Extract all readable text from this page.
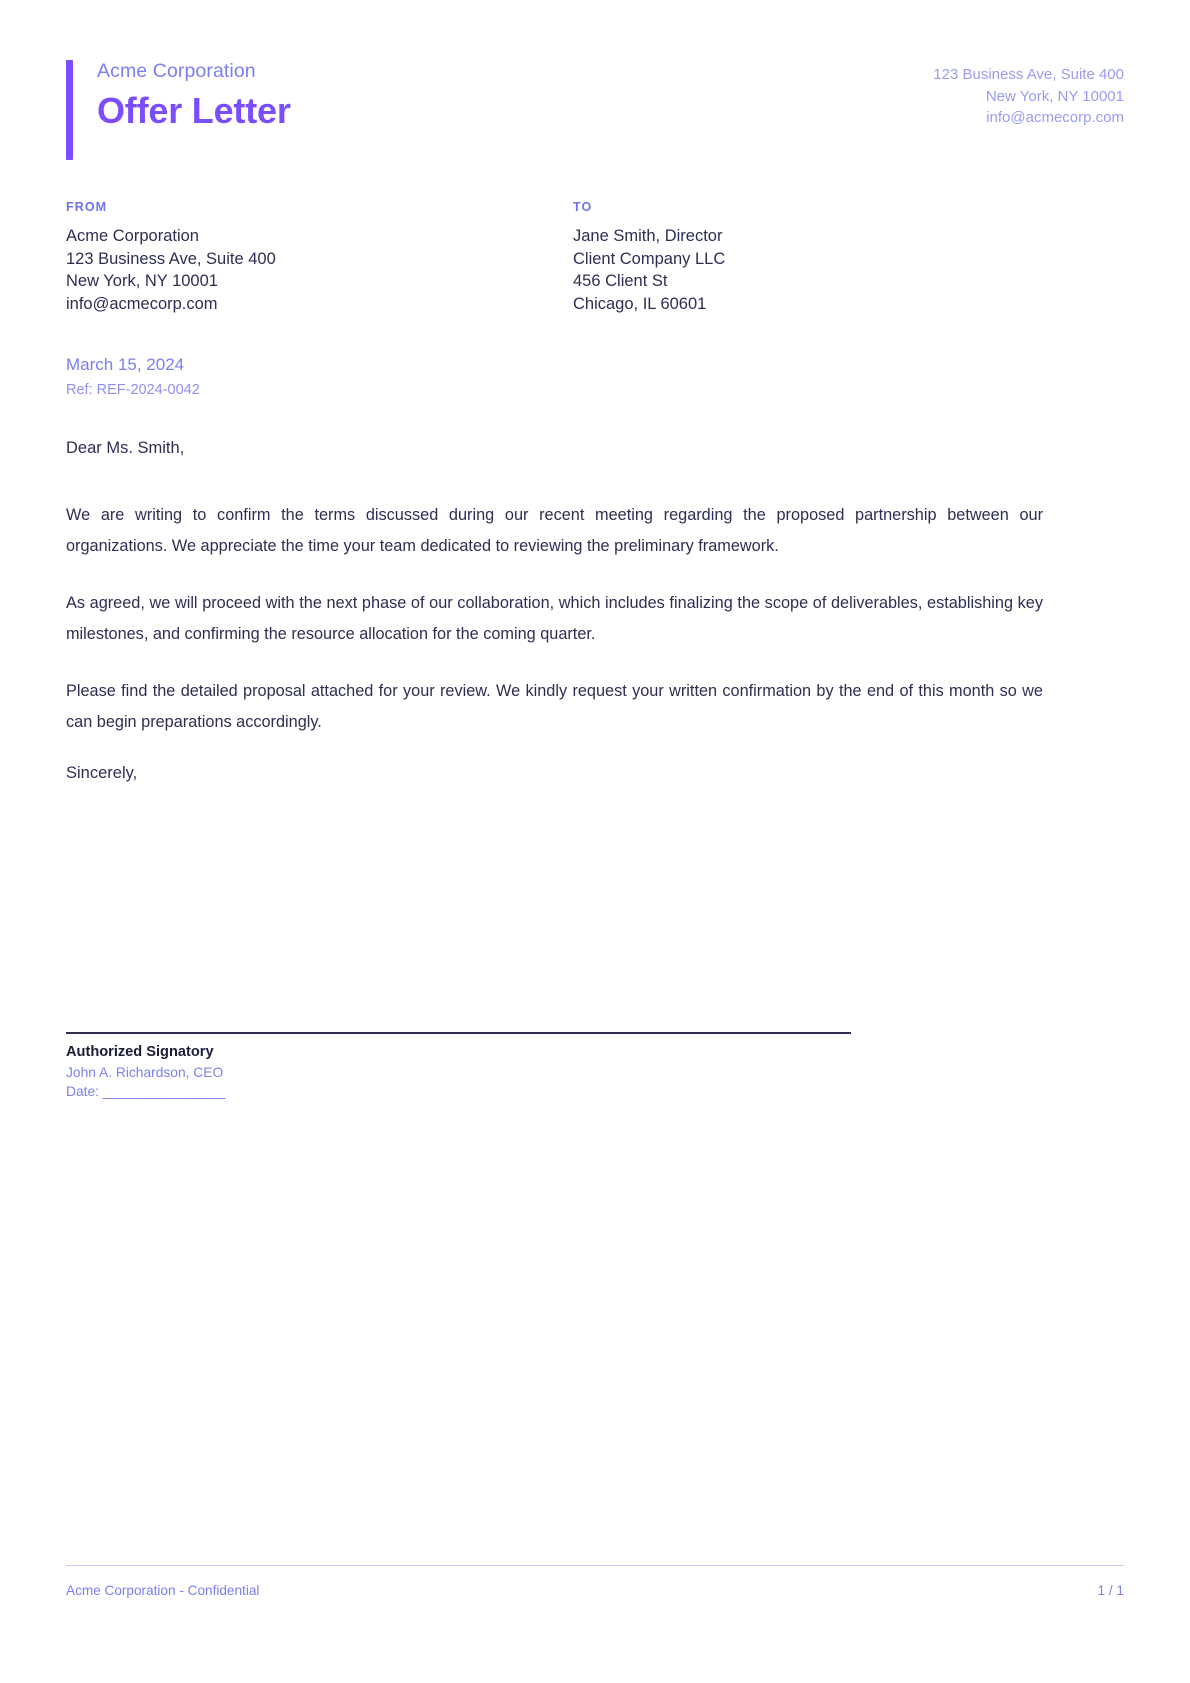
Acme Corporation
Offer Letter
123 Business Ave, Suite 400
New York, NY 10001
info@acmecorp.com
FROM
Acme Corporation
123 Business Ave, Suite 400
New York, NY 10001
info@acmecorp.com
TO
Jane Smith, Director
Client Company LLC
456 Client St
Chicago, IL 60601
March 15, 2024
Ref: REF-2024-0042
Dear Ms. Smith,

We are writing to confirm the terms discussed during our recent meeting regarding the proposed partnership between our organizations. We appreciate the time your team dedicated to reviewing the preliminary framework.

As agreed, we will proceed with the next phase of our collaboration, which includes finalizing the scope of deliverables, establishing key milestones, and confirming the resource allocation for the coming quarter.

Please find the detailed proposal attached for your review. We kindly request your written confirmation by the end of this month so we can begin preparations accordingly.

Sincerely,
Authorized Signatory
John A. Richardson, CEO
Date: ________________
Acme Corporation - Confidential	1 / 1
